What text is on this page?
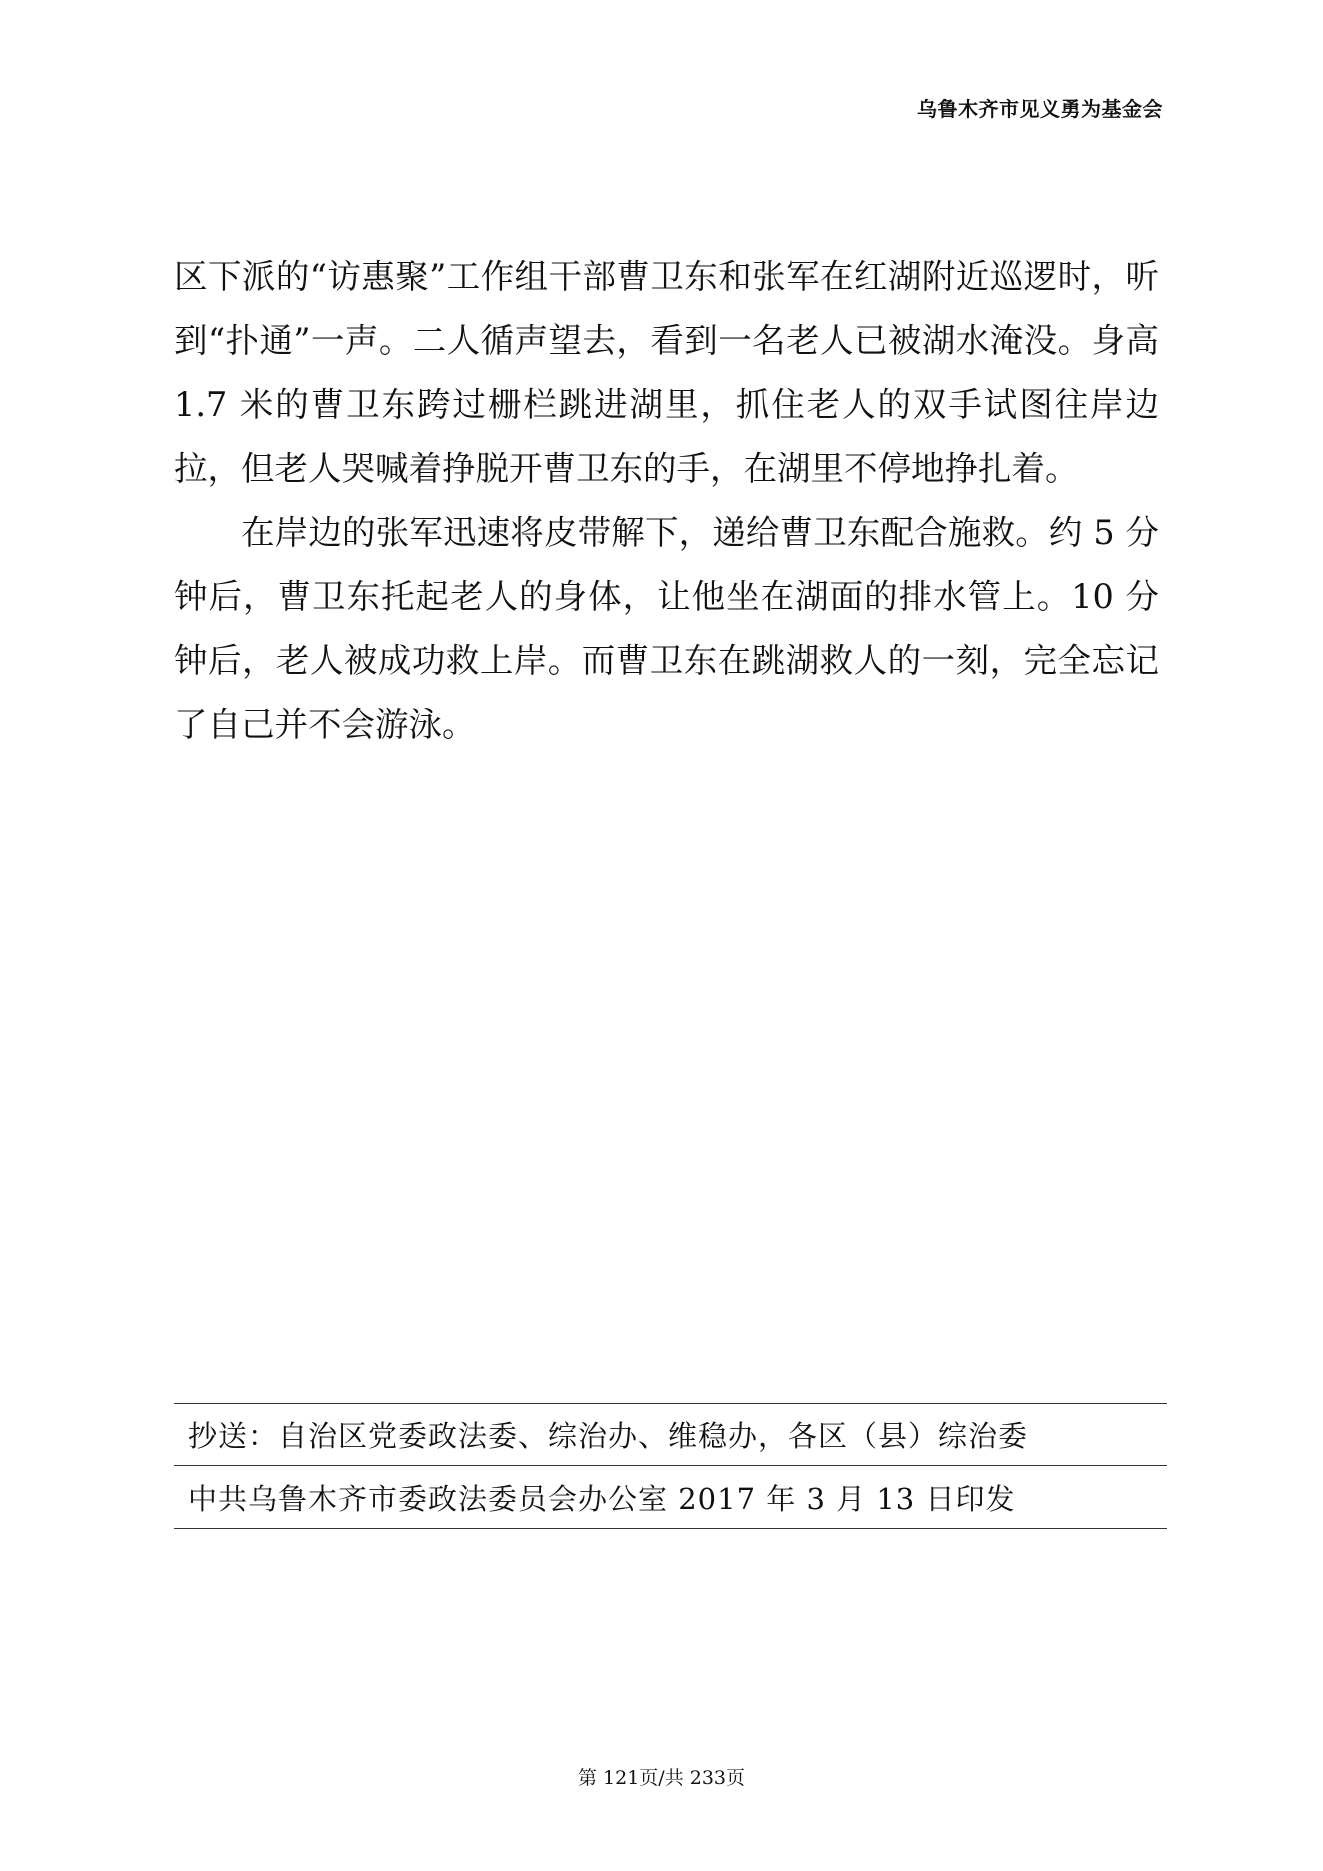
乌鲁木齐市见义勇为基金会

区下派的“访惠聚”工作组干部曹卫东和张军在红湖附近巡逻时，听到“扑通”一声。二人循声望去，看到一名老人已被湖水淹没。身高 1.7 米的曹卫东跨过栅栏跳进湖里，抓住老人的双手试图往岸边拉，但老人哭喊着挣脱开曹卫东的手，在湖里不停地挣扎着。

在岸边的张军迅速将皮带解下，递给曹卫东配合施救。约 5 分钟后，曹卫东托起老人的身体，让他坐在湖面的排水管上。10 分钟后，老人被成功救上岸。而曹卫东在跳湖救人的一刻，完全忘记了自己并不会游泳。

抄送：自治区党委政法委、综治办、维稳办，各区（县）综治委
中共乌鲁木齐市委政法委员会办公室 2017 年 3 月 13 日印发
第 121页/共 233页
